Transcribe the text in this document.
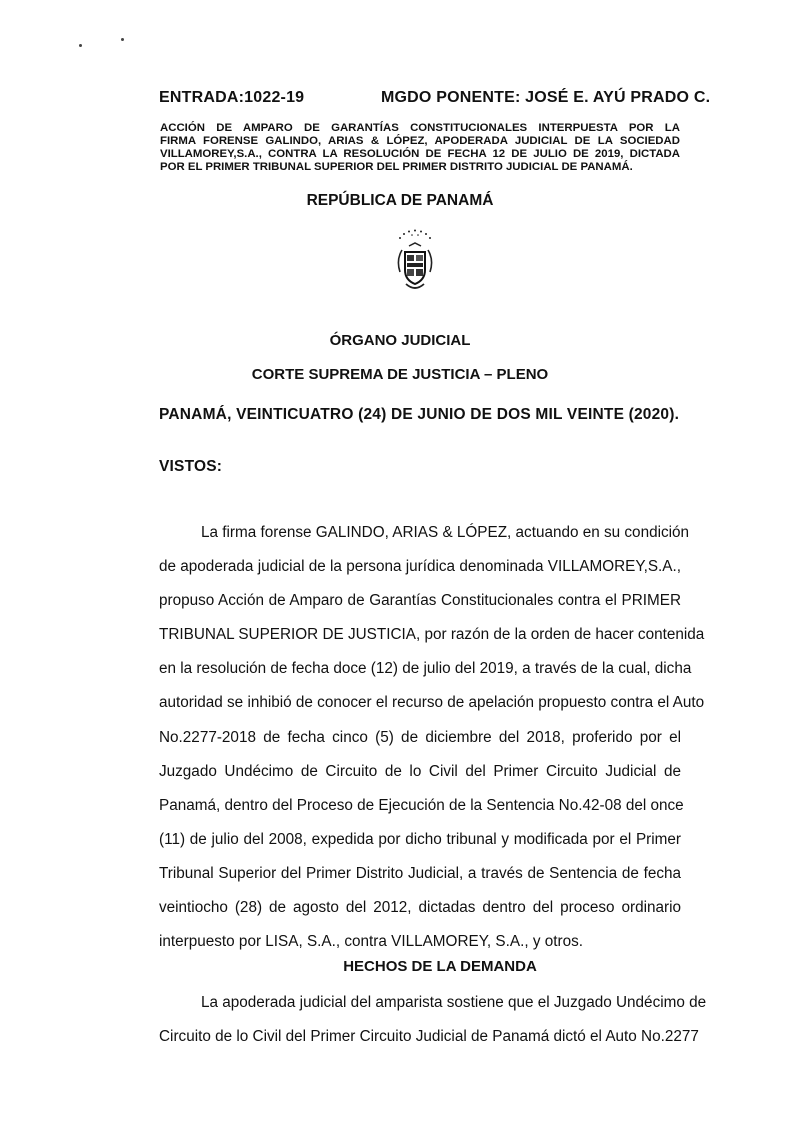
ENTRADA:1022-19	MGDO PONENTE: JOSÉ E. AYÚ PRADO C.
ACCIÓN DE AMPARO DE GARANTÍAS CONSTITUCIONALES INTERPUESTA POR LA
FIRMA FORENSE GALINDO, ARIAS & LÓPEZ, APODERADA JUDICIAL DE LA SOCIEDAD
VILLAMOREY,S.A., CONTRA LA RESOLUCIÓN DE FECHA 12 DE JULIO DE 2019, DICTADA
POR EL PRIMER TRIBUNAL SUPERIOR DEL PRIMER DISTRITO JUDICIAL DE PANAMÁ.
REPÚBLICA DE PANAMÁ
ÓRGANO JUDICIAL
CORTE SUPREMA DE JUSTICIA – PLENO
PANAMÁ, VEINTICUATRO (24) DE JUNIO DE DOS MIL VEINTE (2020).
VISTOS:
La firma forense GALINDO, ARIAS & LÓPEZ, actuando en su condición
de apoderada judicial de la persona jurídica denominada VILLAMOREY,S.A.,
propuso Acción de Amparo de Garantías Constitucionales contra el PRIMER
TRIBUNAL SUPERIOR DE JUSTICIA, por razón de la orden de hacer contenida
en la resolución de fecha doce (12) de julio del 2019, a través de la cual, dicha
autoridad se inhibió de conocer el recurso de apelación propuesto contra el Auto
No.2277-2018 de fecha cinco (5) de diciembre del 2018, proferido por el
Juzgado Undécimo de Circuito de lo Civil del Primer Circuito Judicial de
Panamá, dentro del Proceso de Ejecución de la Sentencia No.42-08 del once
(11) de julio del 2008, expedida por dicho tribunal y modificada por el Primer
Tribunal Superior del Primer Distrito Judicial, a través de Sentencia de fecha
veintiocho (28) de agosto del 2012, dictadas dentro del proceso ordinario
interpuesto por LISA, S.A., contra VILLAMOREY, S.A., y otros.
HECHOS DE LA DEMANDA
La apoderada judicial del amparista sostiene que el Juzgado Undécimo de
Circuito de lo Civil del Primer Circuito Judicial de Panamá dictó el Auto No.2277
